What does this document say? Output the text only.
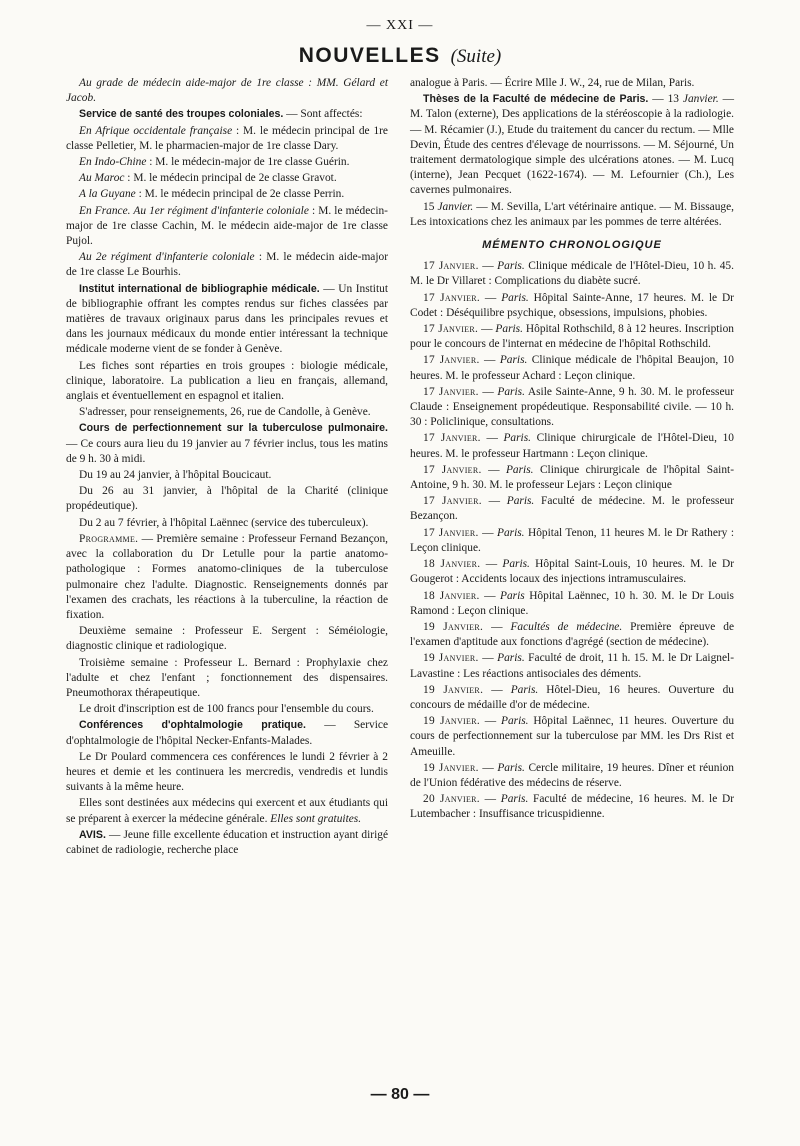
— XXI —
NOUVELLES (Suite)

Au grade de médecin aide-major de 1re classe : MM. Gélard et Jacob.

Service de santé des troupes coloniales. — Sont affectés:

En Afrique occidentale française : M. le médecin principal de 1re classe Pelletier, M. le pharmacien-major de 1re classe Dary.

En Indo-Chine : M. le médecin-major de 1re classe Guérin.

Au Maroc : M. le médecin principal de 2e classe Gravot.

A la Guyane : M. le médecin principal de 2e classe Perrin.

En France. Au 1er régiment d'infanterie coloniale : M. le médecin-major de 1re classe Cachin, M. le médecin aide-major de 1re classe Pujol.

Au 2e régiment d'infanterie coloniale : M. le médecin aide-major de 1re classe Le Bourhis.

Institut international de bibliographie médicale. — Un Institut de bibliographie offrant les comptes rendus sur fiches classées par matières de travaux originaux parus dans les principales revues et dans les journaux médicaux du monde entier intéressant la technique médicale moderne vient de se fonder à Genève.

Les fiches sont réparties en trois groupes : biologie médicale, clinique, laboratoire. La publication a lieu en français, allemand, anglais et éventuellement en espagnol et italien.

S'adresser, pour renseignements, 26, rue de Candolle, à Genève.

Cours de perfectionnement sur la tuberculose pulmonaire. — Ce cours aura lieu du 19 janvier au 7 février inclus, tous les matins de 9 h. 30 à midi.

Du 19 au 24 janvier, à l'hôpital Boucicaut.

Du 26 au 31 janvier, à l'hôpital de la Charité (clinique propédeutique).

Du 2 au 7 février, à l'hôpital Laënnec (service des tuberculeux).

Programme. — Première semaine : Professeur Fernand Bezançon, avec la collaboration du Dr Letulle pour la partie anatomo-pathologique : Formes anatomo-cliniques de la tuberculose pulmonaire chez l'adulte. Diagnostic. Renseignements donnés par l'examen des crachats, les réactions à la tuberculine, la réaction de fixation.

Deuxième semaine : Professeur E. Sergent : Séméiologie, diagnostic clinique et radiologique.

Troisième semaine : Professeur L. Bernard : Prophylaxie chez l'adulte et chez l'enfant ; fonctionnement des dispensaires. Pneumothorax thérapeutique.

Le droit d'inscription est de 100 francs pour l'ensemble du cours.

Conférences d'ophtalmologie pratique. — Service d'ophtalmologie de l'hôpital Necker-Enfants-Malades.

Le Dr Poulard commencera ces conférences le lundi 2 février à 2 heures et demie et les continuera les mercredis, vendredis et lundis suivants à la même heure.

Elles sont destinées aux médecins qui exercent et aux étudiants qui se préparent à exercer la médecine générale. Elles sont gratuites.

AVIS. — Jeune fille excellente éducation et instruction ayant dirigé cabinet de radiologie, recherche place

analogue à Paris. — Écrire Mlle J. W., 24, rue de Milan, Paris.

Thèses de la Faculté de médecine de Paris. — 13 Janvier. — M. Talon (externe), Des applications de la stéréoscopie à la radiologie. — M. Récamier (J.), Etude du traitement du cancer du rectum. — Mlle Devin, Étude des centres d'élevage de nourrissons. — M. Séjourné, Un traitement dermatologique simple des ulcérations atones. — M. Lucq (interne), Jean Pecquet (1622-1674). — M. Lefournier (Ch.), Les cavernes pulmonaires.

15 Janvier. — M. Sevilla, L'art vétérinaire antique. — M. Bissauge, Les intoxications chez les animaux par les pommes de terre altérées.

MÉMENTO CHRONOLOGIQUE

17 Janvier. — Paris. Clinique médicale de l'Hôtel-Dieu, 10 h. 45. M. le Dr Villaret : Complications du diabète sucré.

17 Janvier. — Paris. Hôpital Sainte-Anne, 17 heures. M. le Dr Codet : Déséquilibre psychique, obsessions, impulsions, phobies.

17 Janvier. — Paris. Hôpital Rothschild, 8 à 12 heures. Inscription pour le concours de l'internat en médecine de l'hôpital Rothschild.

17 Janvier. — Paris. Clinique médicale de l'hôpital Beaujon, 10 heures. M. le professeur Achard : Leçon clinique.

17 Janvier. — Paris. Asile Sainte-Anne, 9 h. 30. M. le professeur Claude : Enseignement propédeutique. Responsabilité civile. — 10 h. 30 : Policlinique, consultations.

17 Janvier. — Paris. Clinique chirurgicale de l'Hôtel-Dieu, 10 heures. M. le professeur Hartmann : Leçon clinique.

17 Janvier. — Paris. Clinique chirurgicale de l'hôpital Saint-Antoine, 9 h. 30. M. le professeur Lejars : Leçon clinique

17 Janvier. — Paris. Faculté de médecine. M. le professeur Bezançon.

17 Janvier. — Paris. Hôpital Tenon, 11 heures M. le Dr Rathery : Leçon clinique.

18 Janvier. — Paris. Hôpital Saint-Louis, 10 heures. M. le Dr Gougerot : Accidents locaux des injections intramusculaires.

18 Janvier. — Paris Hôpital Laënnec, 10 h. 30. M. le Dr Louis Ramond : Leçon clinique.

19 Janvier. — Facultés de médecine. Première épreuve de l'examen d'aptitude aux fonctions d'agrégé (section de médecine).

19 Janvier. — Paris. Faculté de droit, 11 h. 15. M. le Dr Laignel-Lavastine : Les réactions antisociales des déments.

19 Janvier. — Paris. Hôtel-Dieu, 16 heures. Ouverture du concours de médaille d'or de médecine.

19 Janvier. — Paris. Hôpital Laënnec, 11 heures. Ouverture du cours de perfectionnement sur la tuberculose par MM. les Drs Rist et Ameuille.

19 Janvier. — Paris. Cercle militaire, 19 heures. Dîner et réunion de l'Union fédérative des médecins de réserve.

20 Janvier. — Paris. Faculté de médecine, 16 heures. M. le Dr Lutembacher : Insuffisance tricuspidienne.

— 80 —
